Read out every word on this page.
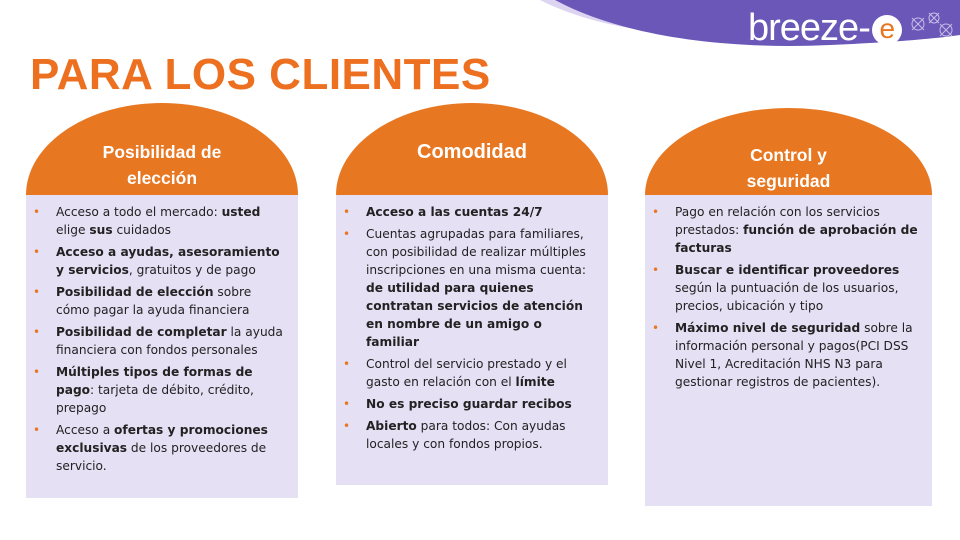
breeze- e
life choices made easy
PARA LOS CLIENTES
Posibilidad de
elección
• Acceso a todo el mercado: usted elige sus cuidados
• Acceso a ayudas, asesoramiento y servicios, gratuitos y de pago
• Posibilidad de elección sobre cómo pagar la ayuda financiera
• Posibilidad de completar la ayuda financiera con fondos personales
• Múltiples tipos de formas de pago: tarjeta de débito, crédito, prepago
• Acceso a ofertas y promociones exclusivas de los proveedores de servicio.
Comodidad
• Acceso a las cuentas 24/7
• Cuentas agrupadas para familiares, con posibilidad de realizar múltiples inscripciones en una misma cuenta: de utilidad para quienes contratan servicios de atención en nombre de un amigo o familiar
• Control del servicio prestado y el gasto en relación con el límite
• No es preciso guardar recibos
• Abierto para todos: Con ayudas locales y con fondos propios.
Control y
seguridad
• Pago en relación con los servicios prestados: función de aprobación de facturas
• Buscar e identificar proveedores según la puntuación de los usuarios, precios, ubicación y tipo
• Máximo nivel de seguridad sobre la información personal y pagos(PCI DSS Nivel 1, Acreditación NHS N3 para gestionar registros de pacientes).
